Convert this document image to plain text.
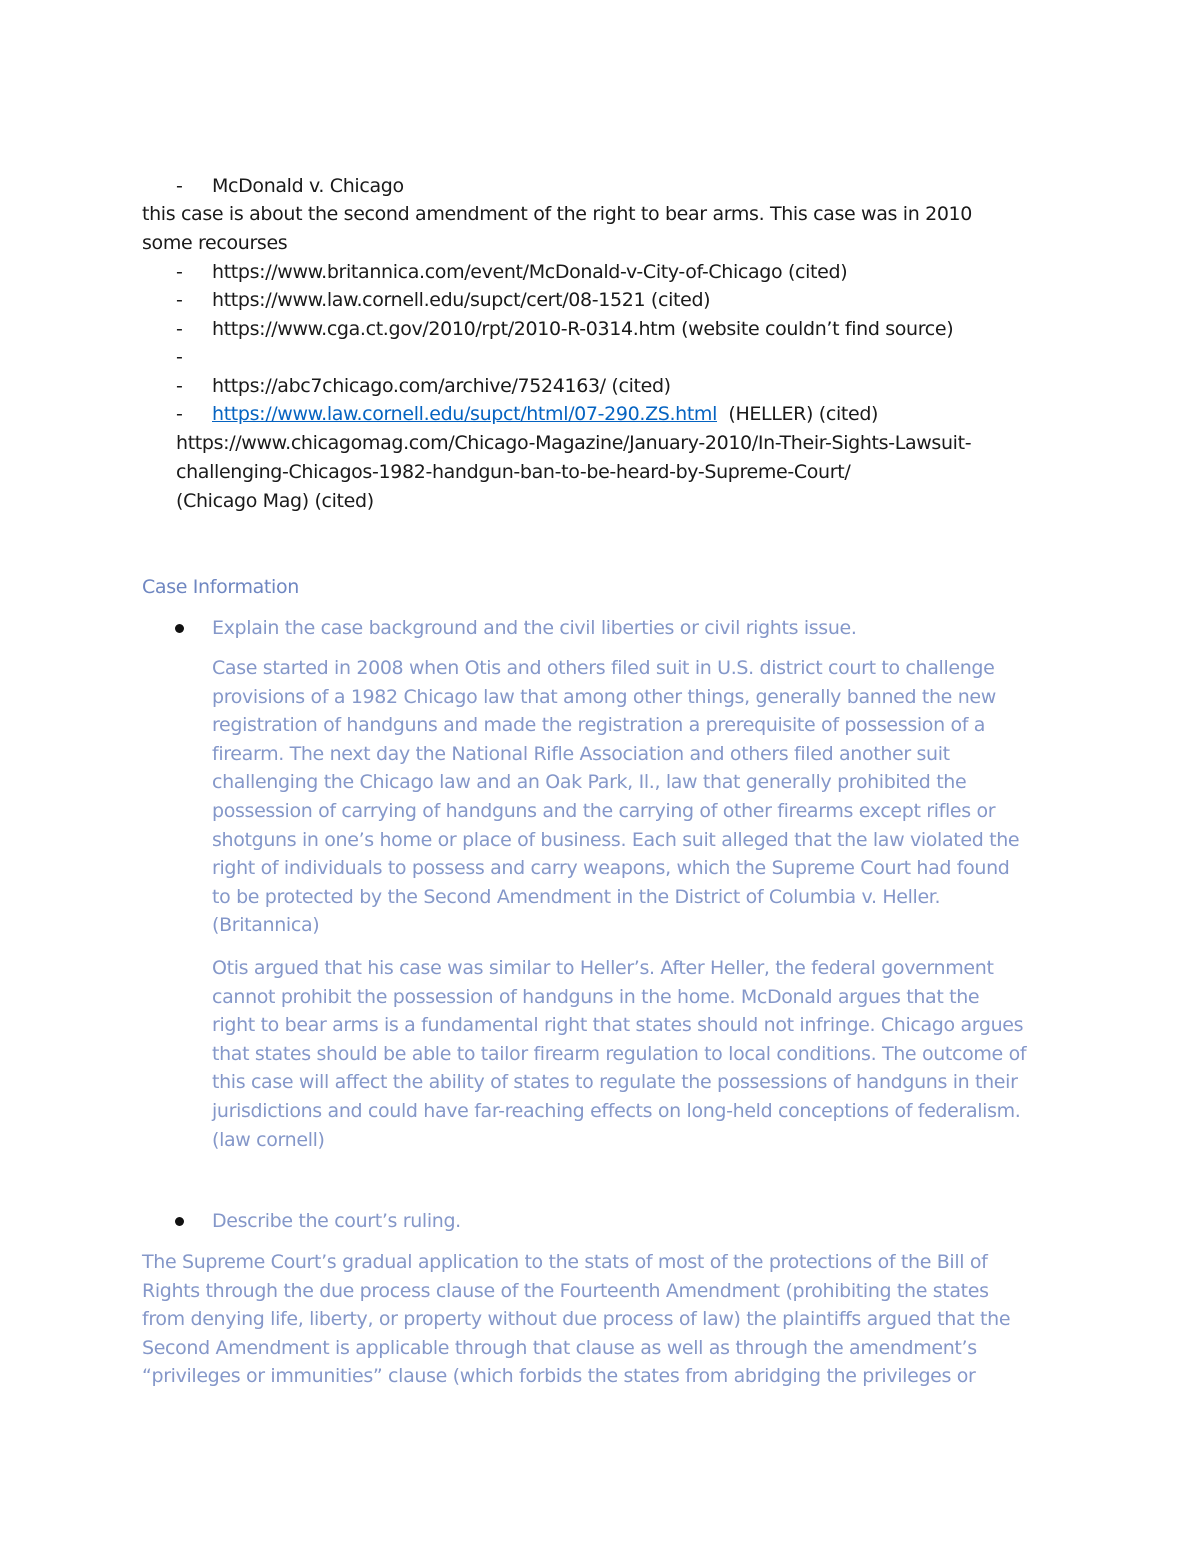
- McDonald v. Chicago
this case is about the second amendment of the right to bear arms. This case was in 2010
some recourses
- https://www.britannica.com/event/McDonald-v-City-of-Chicago (cited)
- https://www.law.cornell.edu/supct/cert/08-1521 (cited)
- https://www.cga.ct.gov/2010/rpt/2010-R-0314.htm (website couldn’t find source)
-
- https://abc7chicago.com/archive/7524163/ (cited)
- https://www.law.cornell.edu/supct/html/07-290.ZS.html (HELLER) (cited)
https://www.chicagomag.com/Chicago-Magazine/January-2010/In-Their-Sights-Lawsuit-
challenging-Chicagos-1982-handgun-ban-to-be-heard-by-Supreme-Court/
(Chicago Mag) (cited)
Case Information
Explain the case background and the civil liberties or civil rights issue.
Case started in 2008 when Otis and others filed suit in U.S. district court to challenge
provisions of a 1982 Chicago law that among other things, generally banned the new
registration of handguns and made the registration a prerequisite of possession of a
firearm. The next day the National Rifle Association and others filed another suit
challenging the Chicago law and an Oak Park, Il., law that generally prohibited the
possession of carrying of handguns and the carrying of other firearms except rifles or
shotguns in one’s home or place of business. Each suit alleged that the law violated the
right of individuals to possess and carry weapons, which the Supreme Court had found
to be protected by the Second Amendment in the District of Columbia v. Heller.
(Britannica)
Otis argued that his case was similar to Heller’s. After Heller, the federal government
cannot prohibit the possession of handguns in the home. McDonald argues that the
right to bear arms is a fundamental right that states should not infringe. Chicago argues
that states should be able to tailor firearm regulation to local conditions. The outcome of
this case will affect the ability of states to regulate the possessions of handguns in their
jurisdictions and could have far-reaching effects on long-held conceptions of federalism.
(law cornell)
Describe the court’s ruling.
The Supreme Court’s gradual application to the stats of most of the protections of the Bill of
Rights through the due process clause of the Fourteenth Amendment (prohibiting the states
from denying life, liberty, or property without due process of law) the plaintiffs argued that the
Second Amendment is applicable through that clause as well as through the amendment’s
“privileges or immunities” clause (which forbids the states from abridging the privileges or
